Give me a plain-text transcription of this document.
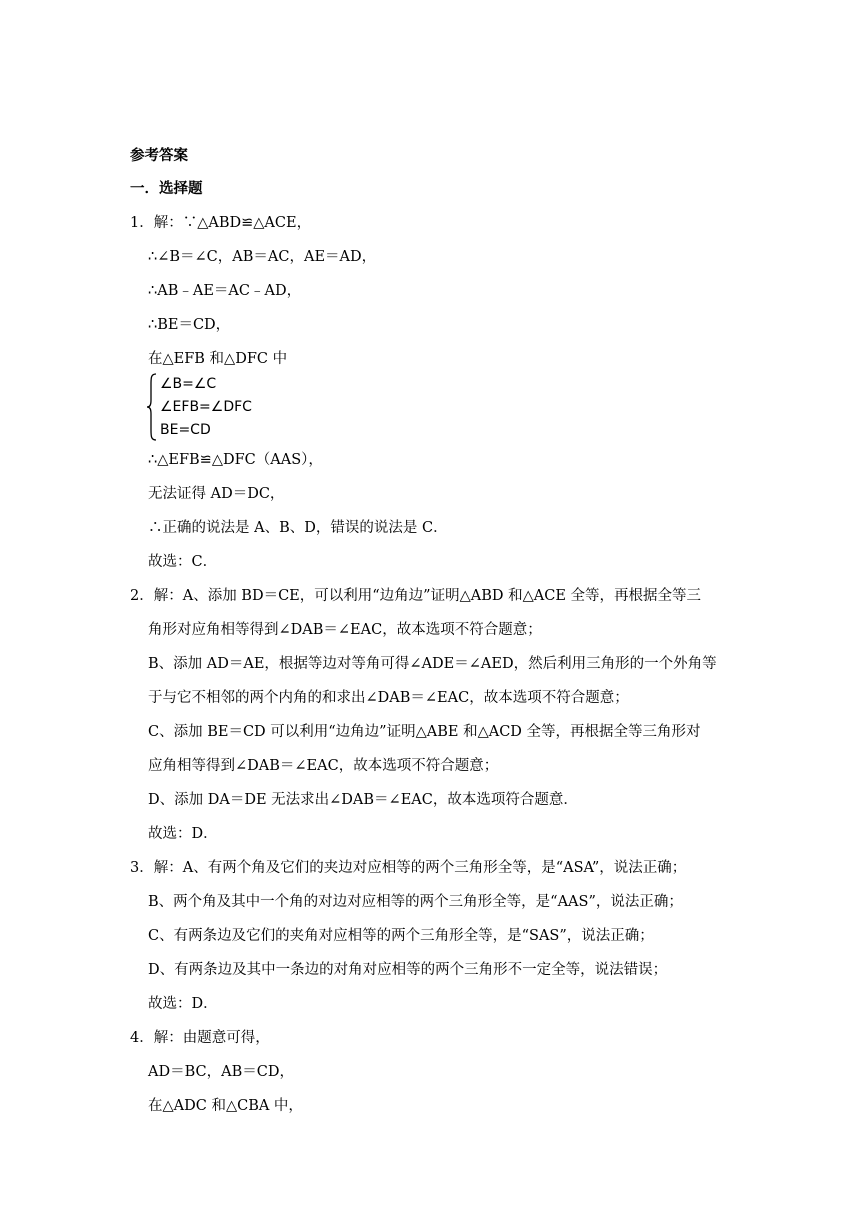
参考答案
一．选择题
1．解：∵△ABD≌△ACE，
∴∠B＝∠C，AB＝AC，AE＝AD，
∴AB﹣AE＝AC﹣AD，
∴BE＝CD，
在△EFB 和△DFC 中
∠B=∠C
∠EFB=∠DFC
BE=CD
∴△EFB≌△DFC（AAS），
无法证得 AD＝DC，
∴正确的说法是 A、B、D，错误的说法是 C．
故选：C．
2．解：A、添加 BD＝CE，可以利用“边角边”证明△ABD 和△ACE 全等，再根据全等三
角形对应角相等得到∠DAB＝∠EAC，故本选项不符合题意；
B、添加 AD＝AE，根据等边对等角可得∠ADE＝∠AED，然后利用三角形的一个外角等
于与它不相邻的两个内角的和求出∠DAB＝∠EAC，故本选项不符合题意；
C、添加 BE＝CD 可以利用“边角边”证明△ABE 和△ACD 全等，再根据全等三角形对
应角相等得到∠DAB＝∠EAC，故本选项不符合题意；
D、添加 DA＝DE 无法求出∠DAB＝∠EAC，故本选项符合题意．
故选：D．
3．解：A、有两个角及它们的夹边对应相等的两个三角形全等，是“ASA”，说法正确；
B、两个角及其中一个角的对边对应相等的两个三角形全等，是“AAS”，说法正确；
C、有两条边及它们的夹角对应相等的两个三角形全等，是“SAS”，说法正确；
D、有两条边及其中一条边的对角对应相等的两个三角形不一定全等，说法错误；
故选：D．
4．解：由题意可得，
AD＝BC，AB＝CD，
在△ADC 和△CBA 中，
